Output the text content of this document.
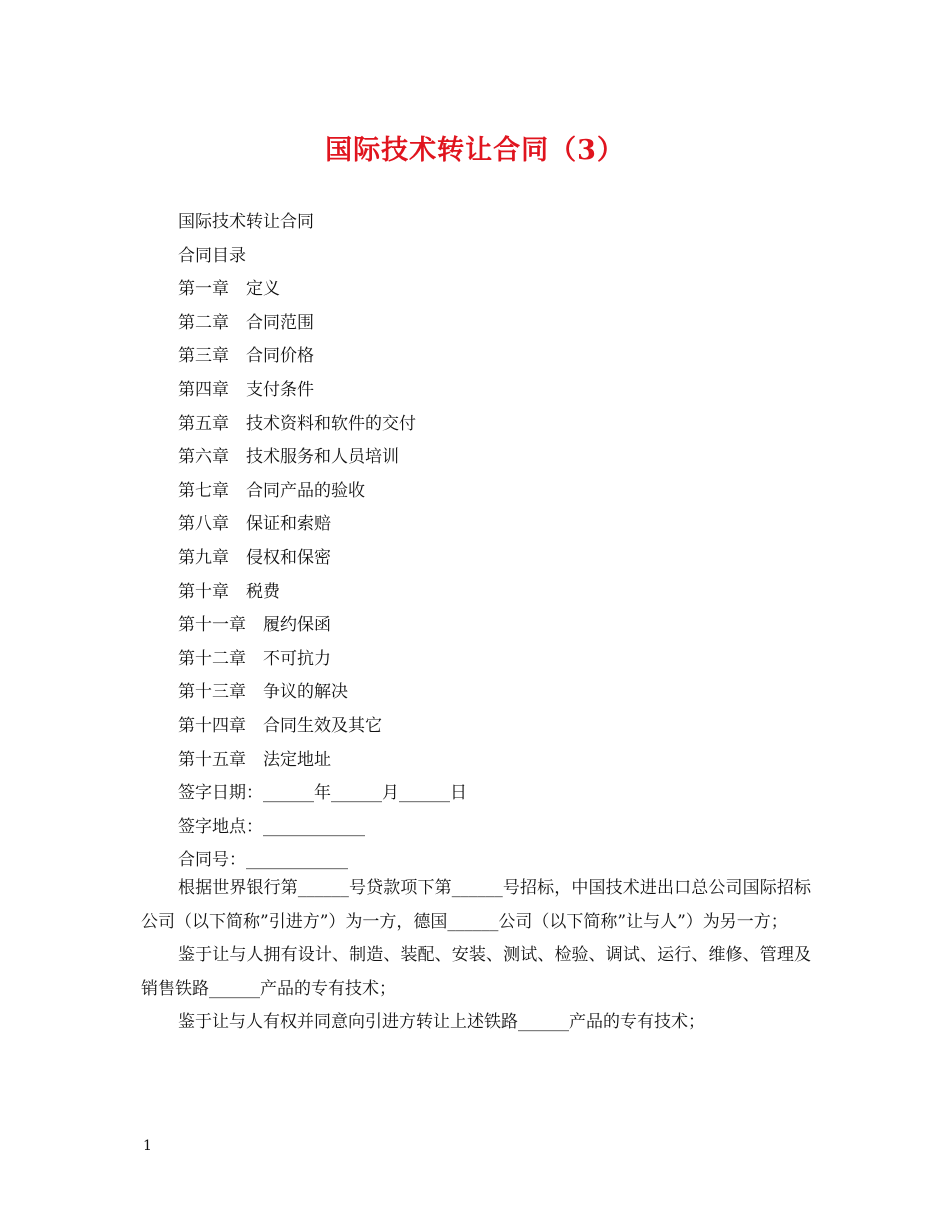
国际技术转让合同（3）
国际技术转让合同
合同目录
第一章　定义
第二章　合同范围
第三章　合同价格
第四章　支付条件
第五章　技术资料和软件的交付
第六章　技术服务和人员培训
第七章　合同产品的验收
第八章　保证和索赔
第九章　侵权和保密
第十章　税费
第十一章　履约保函
第十二章　不可抗力
第十三章　争议的解决
第十四章　合同生效及其它
第十五章　法定地址
签字日期：______年______月______日
签字地点：____________
合同号：____________

根据世界银行第______号贷款项下第______号招标，中国技术进出口总公司国际招标公司（以下简称”引进方”）为一方，德国______公司（以下简称”让与人”）为另一方；

鉴于让与人拥有设计、制造、装配、安装、测试、检验、调试、运行、维修、管理及销售铁路______产品的专有技术；

鉴于让与人有权并同意向引进方转让上述铁路______产品的专有技术；

1
